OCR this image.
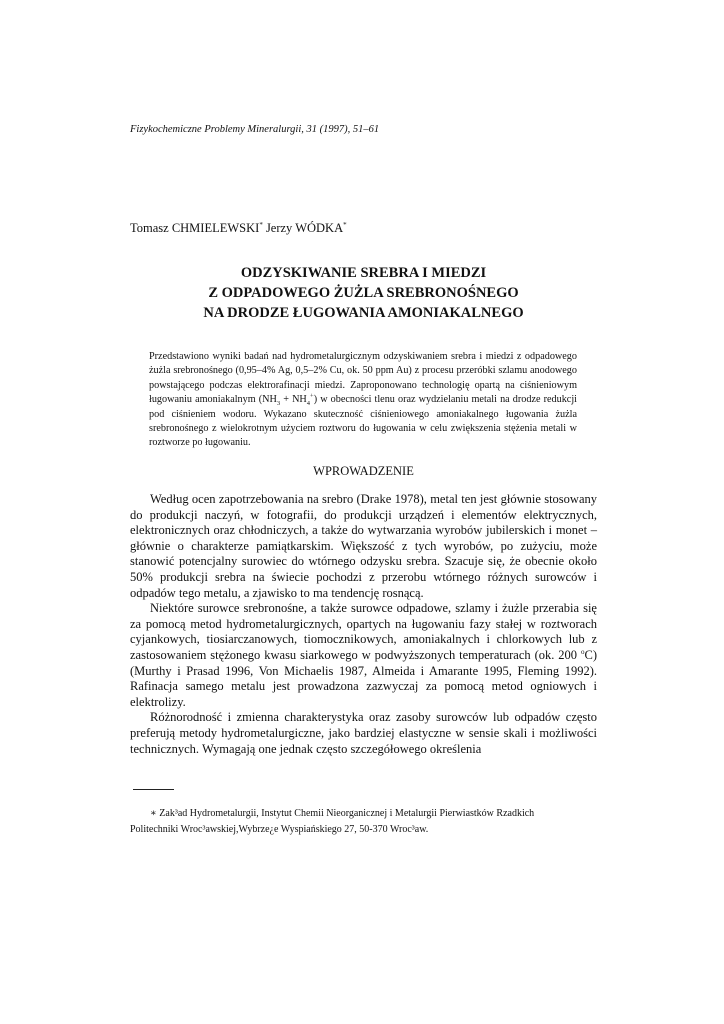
Fizykochemiczne Problemy Mineralurgii, 31 (1997), 51–61
Tomasz CHMIELEWSKI* Jerzy WÓDKA*
ODZYSKIWANIE SREBRA I MIEDZI
Z ODPADOWEGO ŻUŻLA SREBRONOŚNEGO
NA DRODZE ŁUGOWANIA AMONIAKALNEGO
Przedstawiono wyniki badań nad hydrometalurgicznym odzyskiwaniem srebra i miedzi z odpadowego żużla srebronośnego (0,95–4% Ag, 0,5–2% Cu, ok. 50 ppm Au) z procesu przeróbki szlamu anodowego powstającego podczas elektrorafinacji miedzi. Zaproponowano technologię opartą na ciśnieniowym ługowaniu amoniakalnym $(NH_3 + NH_4^+)$ w obecności tlenu oraz wydzielaniu metali na drodze redukcji pod ciśnieniem wodoru. Wykazano skuteczność ciśnieniowego amoniakalnego ługowania żużla srebronośnego z wielokrotnym użyciem roztworu do ługowania w celu zwiększenia stężenia metali w roztworze po ługowaniu.
WPROWADZENIE

Według ocen zapotrzebowania na srebro (Drake 1978), metal ten jest głównie stosowany do produkcji naczyń, w fotografii, do produkcji urządzeń i elementów elektrycznych, elektronicznych oraz chłodniczych, a także do wytwarzania wyrobów jubilerskich i monet – głównie o charakterze pamiątkarskim. Większość z tych wyrobów, po zużyciu, może stanowić potencjalny surowiec do wtórnego odzysku srebra. Szacuje się, że obecnie około 50% produkcji srebra na świecie pochodzi z przerobu wtórnego różnych surowców i odpadów tego metalu, a zjawisko to ma tendencję rosnącą.

Niektóre surowce srebronośne, a także surowce odpadowe, szlamy i żużle przerabia się za pomocą metod hydrometalurgicznych, opartych na ługowaniu fazy stałej w roztworach cyjankowych, tiosiarczanowych, tiomocznikowych, amoniakalnych i chlorkowych lub z zastosowaniem stężonego kwasu siarkowego w podwyższonych temperaturach (ok. 200 $^o$C) (Murthy i Prasad 1996, Von Michaelis 1987, Almeida i Amarante 1995, Fleming 1992). Rafinacja samego metalu jest prowadzona zazwyczaj za pomocą metod ogniowych i elektrolizy.

Różnorodność i zmienna charakterystyka oraz zasoby surowców lub odpadów często preferują metody hydrometalurgiczne, jako bardziej elastyczne w sensie skali i możliwości technicznych. Wymagają one jednak często szczegółowego określenia

∗ Zak³ad Hydrometalurgii, Instytut Chemii Nieorganicznej i Metalurgii Pierwiastków Rzadkich
Politechniki Wroc³awskiej,Wybrze¿e Wyspiańskiego 27, 50-370 Wroc³aw.
